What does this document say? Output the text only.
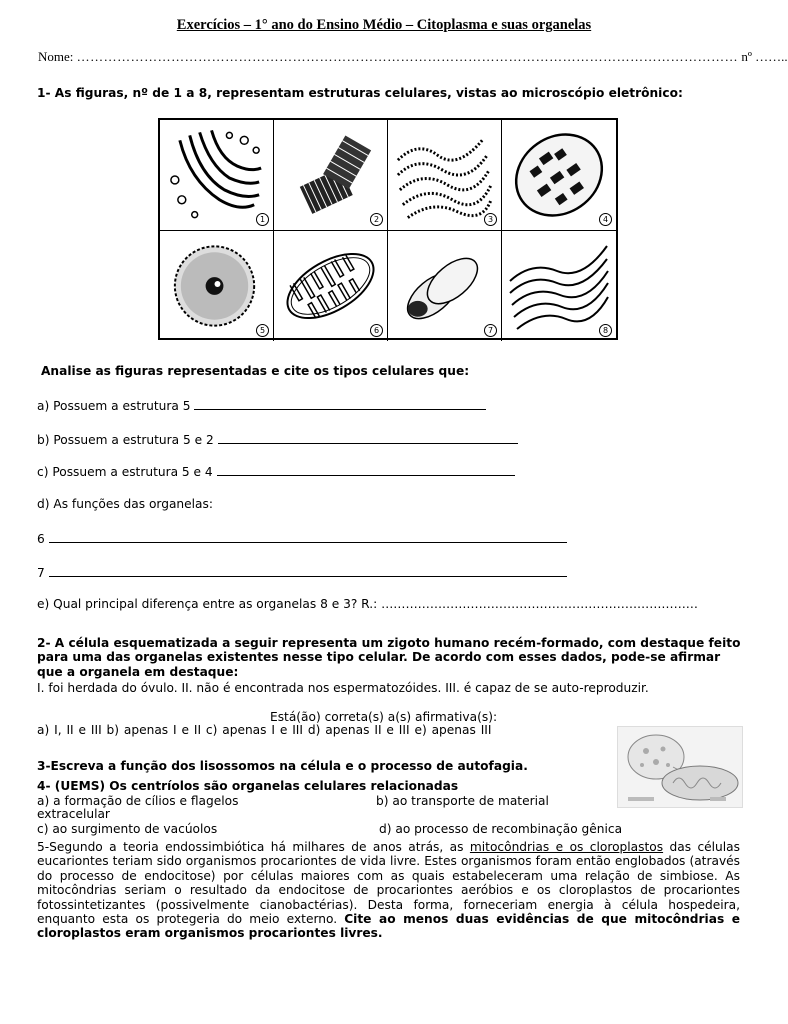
Exercícios – 1° ano do Ensino Médio – Citoplasma e suas organelas
Nome: ………………………………………………………………………………………………………………………………… nº ……..
1- As figuras, nº de 1 a 8, representam estruturas celulares, vistas ao microscópio eletrônico:
1	2	3	4
5	6	7	8
Analise as figuras representadas e cite os tipos celulares que:
a) Possuem a estrutura 5
b) Possuem a estrutura 5 e 2
c) Possuem a estrutura 5 e 4
d) As funções das organelas:
6
7
e) Qual principal diferença entre as organelas 8 e 3? R.: ……………………………………………………………………
2- A célula esquematizada a seguir representa um zigoto humano recém-formado, com destaque feito para uma das organelas existentes nesse tipo celular. De acordo com esses dados, pode-se afirmar que a organela em destaque:
I. foi herdada do óvulo. II. não é encontrada nos espermatozóides. III. é capaz de se auto-reproduzir.
Está(ão) correta(s) a(s) afirmativa(s):
a) I, II e III b) apenas I e II c) apenas I e III d) apenas II e III e) apenas III
3-Escreva a função dos lisossomos na célula e o processo de autofagia.
4- (UEMS) Os centríolos são organelas celulares relacionadas
a) a formação de cílios e flagelos	b) ao transporte de material
extracelular
c) ao surgimento de vacúolos	d) ao processo de recombinação gênica
5-Segundo a teoria endossimbiótica há milhares de anos atrás, as mitocôndrias e os cloroplastos das células eucariontes teriam sido organismos procariontes de vida livre. Estes organismos foram então englobados (através do processo de endocitose) por células maiores com as quais estabeleceram uma relação de simbiose. As mitocôndrias seriam o resultado da endocitose de procariontes aeróbios e os cloroplastos de procariontes fotossintetizantes (possivelmente cianobactérias). Desta forma, forneceriam energia à célula hospedeira, enquanto esta os protegeria do meio externo. Cite ao menos duas evidências de que mitocôndrias e cloroplastos eram organismos procariontes livres.
